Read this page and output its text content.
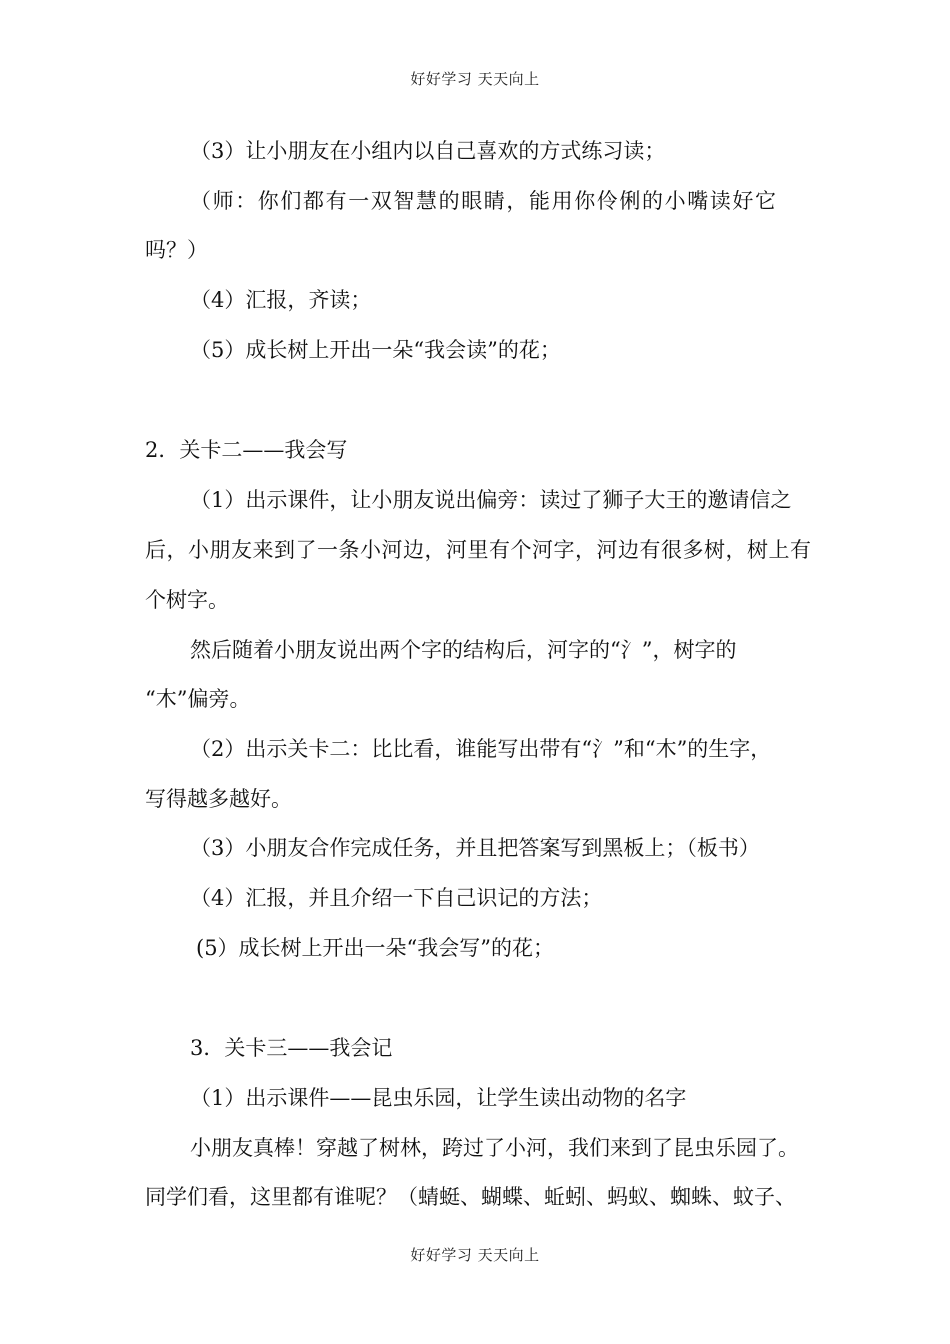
好好学习 天天向上
（3）让小朋友在小组内以自己喜欢的方式练习读；
（师：你们都有一双智慧的眼睛，能用你伶俐的小嘴读好它
吗？）
（4）汇报，齐读；
（5）成长树上开出一朵“我会读”的花；
2．关卡二——我会写
（1）出示课件，让小朋友说出偏旁：读过了狮子大王的邀请信之
后，小朋友来到了一条小河边，河里有个河字，河边有很多树，树上有
个树字。
然后随着小朋友说出两个字的结构后，河字的“氵”，树字的
“木”偏旁。
（2）出示关卡二：比比看，谁能写出带有“氵”和“木”的生字，
写得越多越好。
（3）小朋友合作完成任务，并且把答案写到黑板上；（板书）
（4）汇报，并且介绍一下自己识记的方法；
(5）成长树上开出一朵“我会写”的花；
3．关卡三——我会记
（1）出示课件——昆虫乐园，让学生读出动物的名字
小朋友真棒！穿越了树林，跨过了小河，我们来到了昆虫乐园了。
同学们看，这里都有谁呢？（蜻蜓、蝴蝶、蚯蚓、蚂蚁、蜘蛛、蚊子、
好好学习 天天向上
